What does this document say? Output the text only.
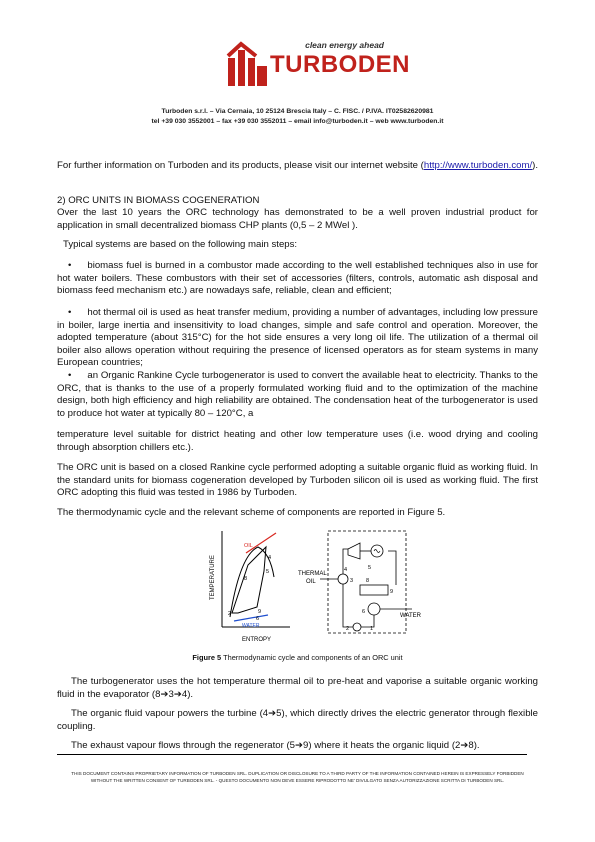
clean energy ahead
TURBODEN
Turboden s.r.l. – Via Cernaia, 10 25124 Brescia Italy – C. FISC. / P.IVA. IT02582620981
tel +39 030 3552001 – fax +39 030 3552011 – email info@turboden.it – web www.turboden.it
For further information on Turboden and its products, please visit our internet website (http://www.turboden.com/).
2) ORC UNITS IN BIOMASS COGENERATION
Over the last 10 years the ORC technology has demonstrated to be a well proven industrial product for application in small decentralized biomass CHP plants (0,5 – 2 MWel ).
Typical systems are based on the following main steps:
• biomass fuel is burned in a combustor made according to the well established techniques also in use for hot water boilers. These combustors with their set of accessories (filters, controls, automatic ash disposal and biomass feed mechanism etc.) are nowadays safe, reliable, clean and efficient;
• hot thermal oil is used as heat transfer medium, providing a number of advantages, including low pressure in boiler, large inertia and insensitivity to load changes, simple and safe control and operation. Moreover, the adopted temperature (about 315°C) for the hot side ensures a very long oil life. The utilization of a thermal oil boiler also allows operation without requiring the presence of licensed operators as for steam systems in many European countries;
• an Organic Rankine Cycle turbogenerator is used to convert the available heat to electricity. Thanks to the ORC, that is thanks to the use of a properly formulated working fluid and to the optimization of the machine design, both high efficiency and high reliability are obtained. The condensation heat of the turbogenerator is used to produce hot water at typically 80 – 120°C, a
temperature level suitable for district heating and other low temperature uses (i.e. wood drying and cooling through absorption chillers etc.).
The ORC unit is based on a closed Rankine cycle performed adopting a suitable organic fluid as working fluid. In the standard units for biomass cogeneration developed by Turboden silicon oil is used as working fluid. The first ORC adopting this fluid was tested in 1986 by Turboden.
The thermodynamic cycle and the relevant scheme of components are reported in Figure 5.
TEMPERATURE
ENTROPY
OIL
WATER
4
5
8
9
2
6
THERMAL
OIL	3
4	5
8
9
6
WATER
2	1
Figure 5 Thermodynamic cycle and components of an ORC unit
The turbogenerator uses the hot temperature thermal oil to pre-heat and vaporise a suitable organic working fluid in the evaporator (8➔3➔4).
The organic fluid vapour powers the turbine (4➔5), which directly drives the electric generator through flexible coupling.
The exhaust vapour flows through the regenerator (5➔9) where it heats the organic liquid (2➔8).
THIS DOCUMENT CONTAINS PROPRIETARY INFORMATION OF TURBODEN SRL. DUPLICATION OR DISCLOSURE TO A THIRD PARTY OF THE INFORMATION CONTAINED HEREIN IS EXPRESSELY FORBIDDEN
WITHOUT THE WRITTEN CONSENT OF TURBODEN SRL. - QUESTO DOCUMENTO NON DEVE ESSERE RIPRODOTTO NE' DIVULGATO SENZA AUTORIZZAZIONE SCRITTA DI TURBODEN SRL.
